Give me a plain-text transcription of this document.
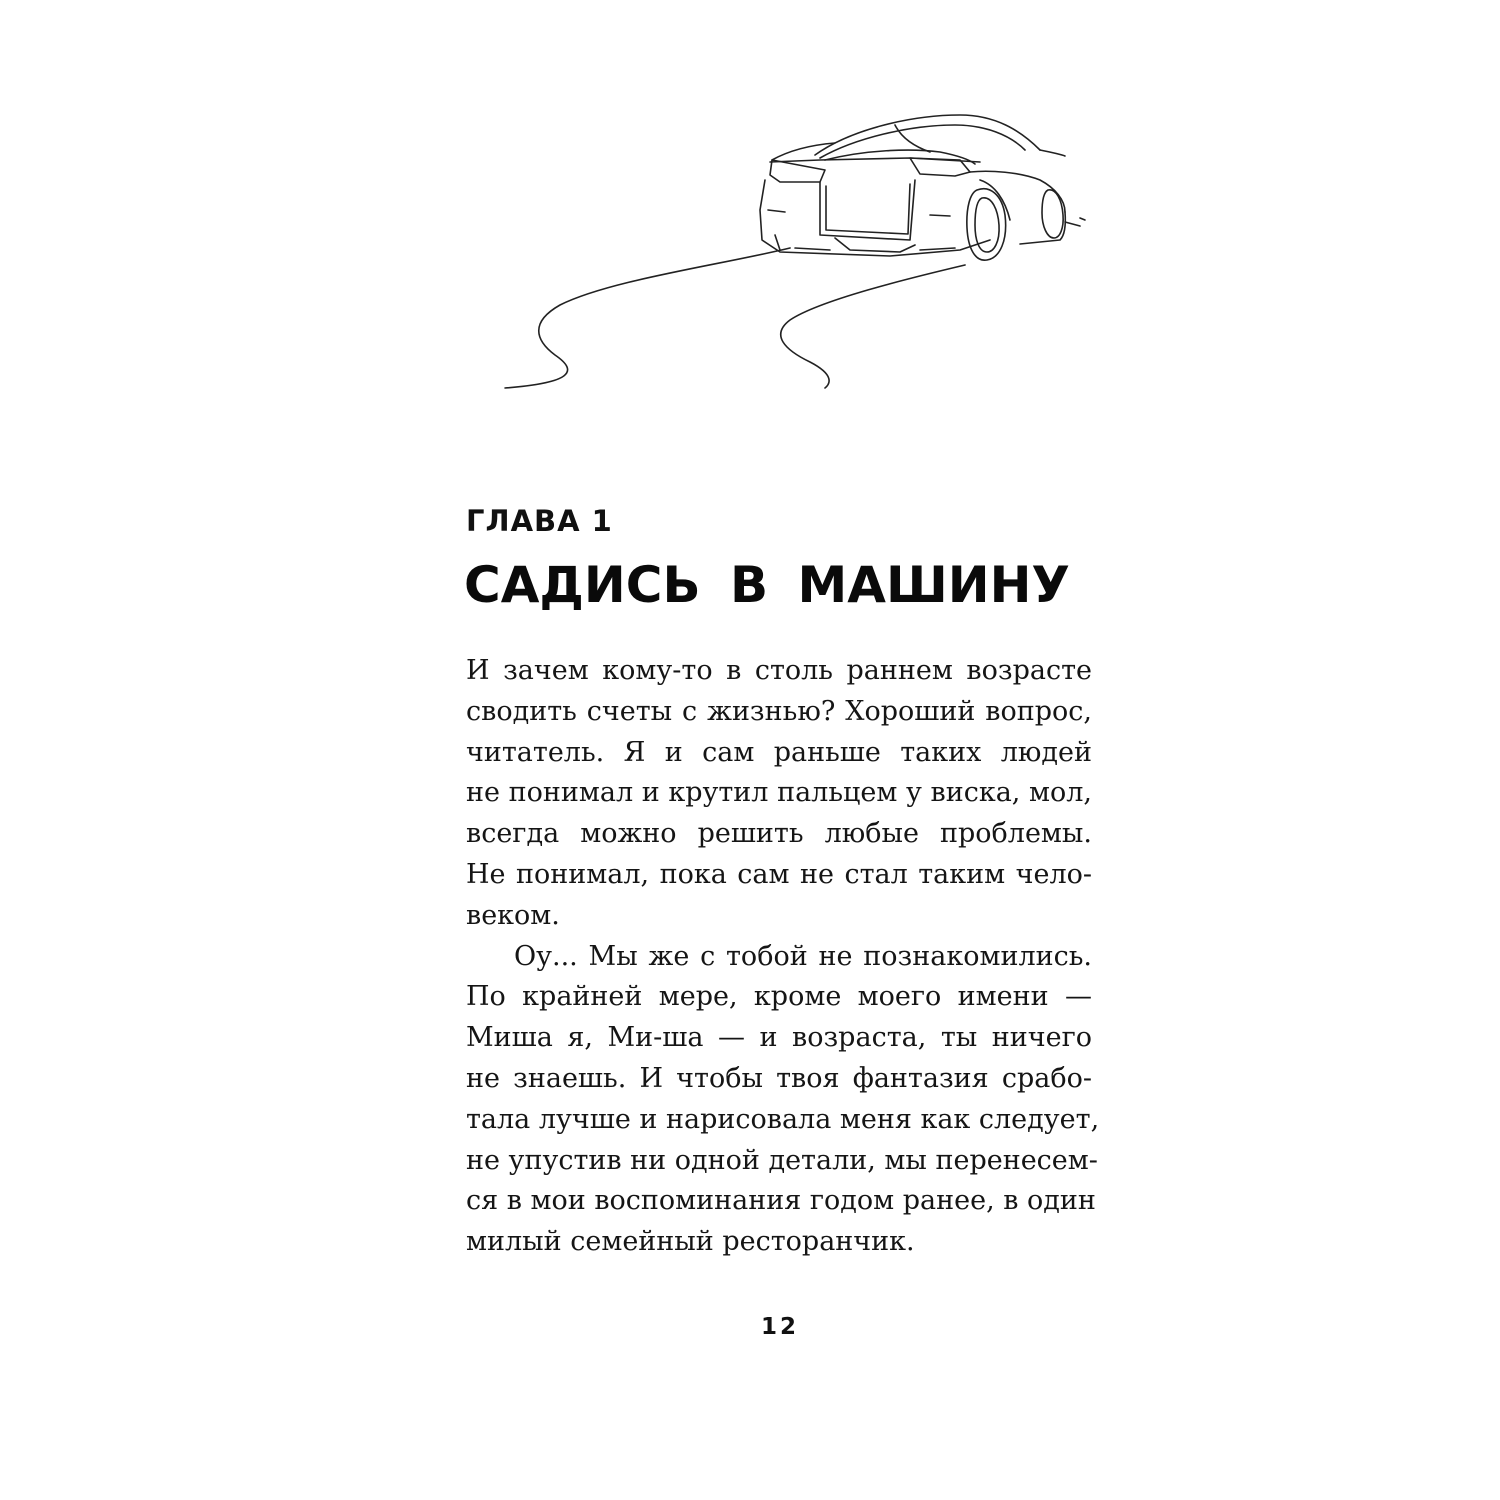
ГЛАВА 1
САДИСЬ В МАШИНУ

И зачем кому-то в столь раннем возрасте
сводить счеты с жизнью? Хороший вопрос,
читатель. Я и сам раньше таких людей
не понимал и крутил пальцем у виска, мол,
всегда можно решить любые проблемы.
Не понимал, пока сам не стал таким чело-
веком.

Оу... Мы же с тобой не познакомились.
По крайней мере, кроме моего имени —
Миша я, Ми-ша — и возраста, ты ничего
не знаешь. И чтобы твоя фантазия срабо-
тала лучше и нарисовала меня как следует,
не упустив ни одной детали, мы перенесем-
ся в мои воспоминания годом ранее, в один
милый семейный ресторанчик.

12
